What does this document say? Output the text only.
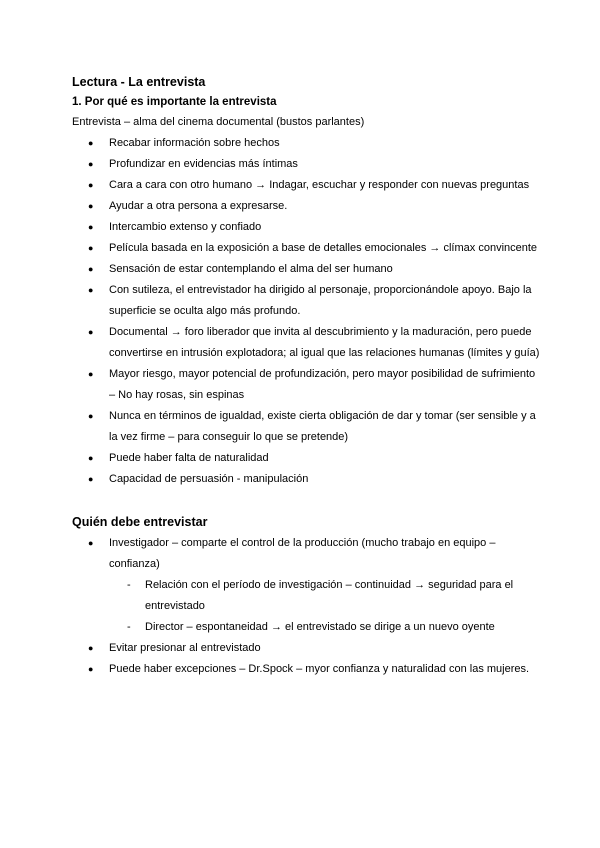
Lectura - La entrevista

1. Por qué es importante la entrevista

Entrevista – alma del cinema documental (bustos parlantes)

● Recabar información sobre hechos
● Profundizar en evidencias más íntimas
● Cara a cara con otro humano → Indagar, escuchar y responder con nuevas preguntas
● Ayudar a otra persona a expresarse.
● Intercambio extenso y confiado
● Película basada en la exposición a base de detalles emocionales → clímax convincente
● Sensación de estar contemplando el alma del ser humano
● Con sutileza, el entrevistador ha dirigido al personaje, proporcionándole apoyo. Bajo la superficie se oculta algo más profundo.
● Documental → foro liberador que invita al descubrimiento y la maduración, pero puede convertirse en intrusión explotadora; al igual que las relaciones humanas (límites y guía)
● Mayor riesgo, mayor potencial de profundización, pero mayor posibilidad de sufrimiento – No hay rosas, sin espinas
● Nunca en términos de igualdad, existe cierta obligación de dar y tomar (ser sensible y a la vez firme – para conseguir lo que se pretende)
● Puede haber falta de naturalidad
● Capacidad de persuasión - manipulación

Quién debe entrevistar

● Investigador – comparte el control de la producción (mucho trabajo en equipo – confianza)
- Relación con el período de investigación – continuidad → seguridad para el entrevistado
- Director – espontaneidad → el entrevistado se dirige a un nuevo oyente
● Evitar presionar al entrevistado
● Puede haber excepciones – Dr.Spock – myor confianza y naturalidad con las mujeres.
